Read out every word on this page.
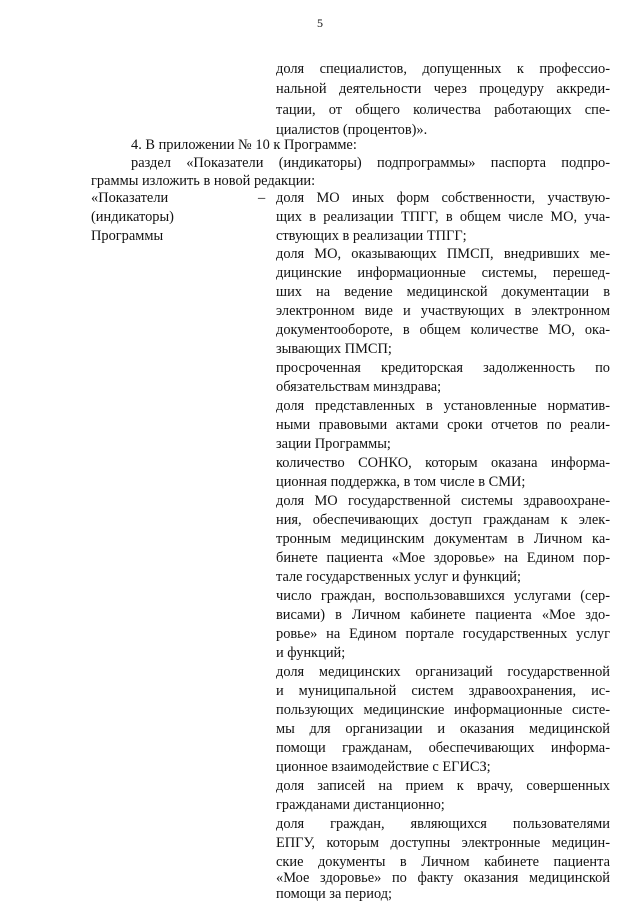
5
доля специалистов, допущенных к профессио-
нальной деятельности через процедуру аккреди-
тации, от общего количества работающих спе-
циалистов (процентов)».
4. В приложении № 10 к Программе:
раздел «Показатели (индикаторы) подпрограммы» паспорта подпро-
граммы изложить в новой редакции:
«Показатели
(индикаторы)
Программы
– доля МО иных форм собственности, участвую-
щих в реализации ТПГГ, в общем числе МО, уча-
ствующих в реализации ТПГГ;
доля МО, оказывающих ПМСП, внедривших ме-
дицинские информационные системы, перешед-
ших на ведение медицинской документации в
электронном виде и участвующих в электронном
документообороте, в общем количестве МО, ока-
зывающих ПМСП;
просроченная кредиторская задолженность по
обязательствам минздрава;
доля представленных в установленные норматив-
ными правовыми актами сроки отчетов по реали-
зации Программы;
количество СОНКО, которым оказана информа-
ционная поддержка, в том числе в СМИ;
доля МО государственной системы здравоохране-
ния, обеспечивающих доступ гражданам к элек-
тронным медицинским документам в Личном ка-
бинете пациента «Мое здоровье» на Едином пор-
тале государственных услуг и функций;
число граждан, воспользовавшихся услугами (сер-
висами) в Личном кабинете пациента «Мое здо-
ровье» на Едином портале государственных услуг
и функций;
доля медицинских организаций государственной
и муниципальной систем здравоохранения, ис-
пользующих медицинские информационные систе-
мы для организации и оказания медицинской
помощи гражданам, обеспечивающих информа-
ционное взаимодействие с ЕГИСЗ;
доля записей на прием к врачу, совершенных
гражданами дистанционно;
доля граждан, являющихся пользователями
ЕПГУ, которым доступны электронные медицин-
ские документы в Личном кабинете пациента
«Мое здоровье» по факту оказания медицинской
помощи за период;
